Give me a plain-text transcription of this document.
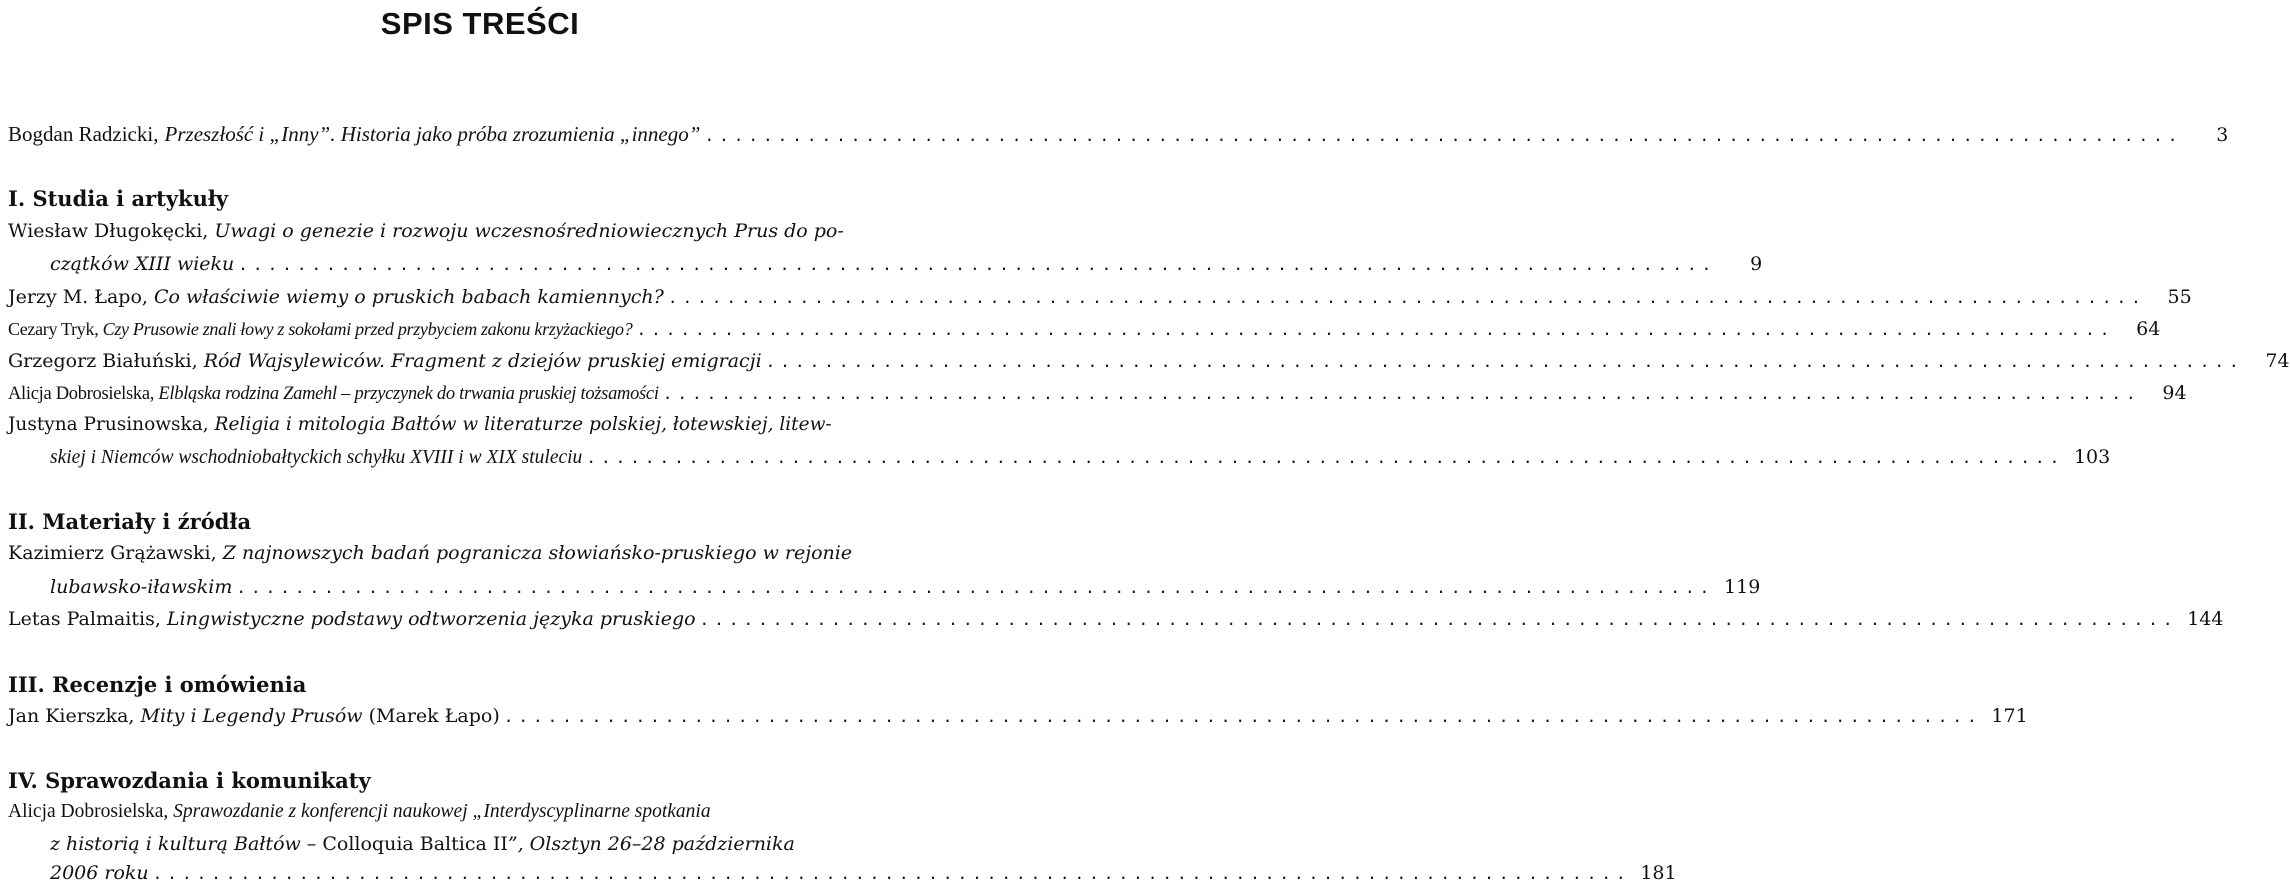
SPIS TREŚCI
Bogdan Radzicki, Przeszłość i „Inny”. Historia jako próba zrozumienia „innego” .....................................................................................................	3
I. Studia i artykuły
Wiesław Długokęcki, Uwagi o genezie i rozwoju wczesnośredniowiecznych Prus do po-
czątków XIII wieku .....................................................................................................	9
Jerzy M. Łapo, Co właściwie wiemy o pruskich babach kamiennych? .....................................................................................................	55
Cezary Tryk, Czy Prusowie znali łowy z sokołami przed przybyciem zakonu krzyżackiego? .....................................................................................................	64
Grzegorz Białuński, Ród Wajsylewiców. Fragment z dziejów pruskiej emigracji .....................................................................................................	74
Alicja Dobrosielska, Elbląska rodzina Zamehl – przyczynek do trwania pruskiej tożsamości .....................................................................................................	94
Justyna Prusinowska, Religia i mitologia Bałtów w literaturze polskiej, łotewskiej, litew-
skiej i Niemców wschodniobałtyckich schyłku XVIII i w XIX stuleciu ..................................................................................................... 103
II. Materiały i źródła
Kazimierz Grążawski, Z najnowszych badań pogranicza słowiańsko-pruskiego w rejonie
lubawsko-iławskim ..................................................................................................... 119
Letas Palmaitis, Lingwistyczne podstawy odtworzenia języka pruskiego ..................................................................................................... 144
III. Recenzje i omówienia
Jan Kierszka, Mity i Legendy Prusów (Marek Łapo) ..................................................................................................... 171
IV. Sprawozdania i komunikaty
Alicja Dobrosielska, Sprawozdanie z konferencji naukowej „Interdyscyplinarne spotkania
z historią i kulturą Bałtów – Colloquia Baltica II”, Olsztyn 26–28 października
2006 roku ..................................................................................................... 181
